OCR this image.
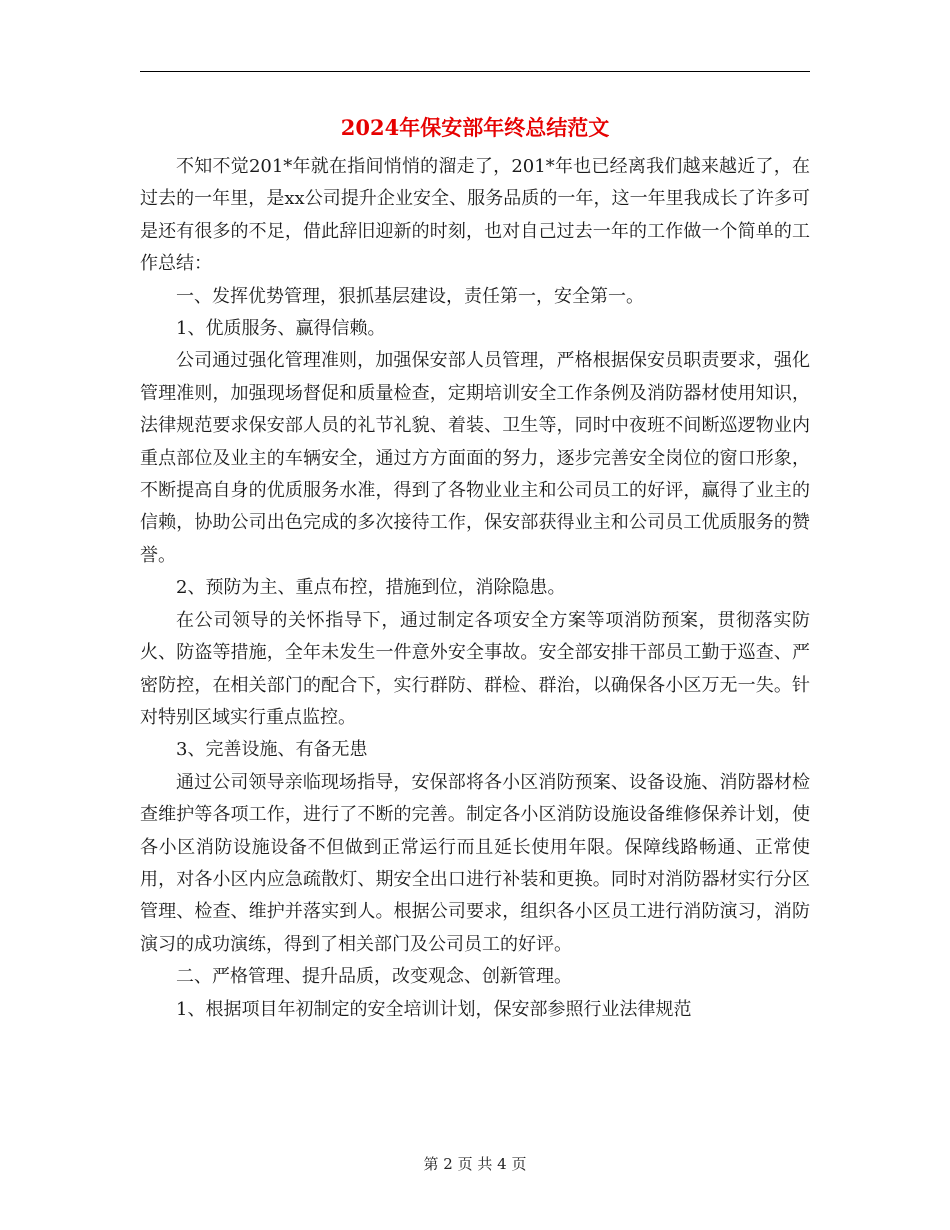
2024年保安部年终总结范文

不知不觉201*年就在指间悄悄的溜走了，201*年也已经离我们越来越近了，在过去的一年里，是xx公司提升企业安全、服务品质的一年，这一年里我成长了许多可是还有很多的不足，借此辞旧迎新的时刻，也对自己过去一年的工作做一个简单的工作总结：

一、发挥优势管理，狠抓基层建设，责任第一，安全第一。

1、优质服务、赢得信赖。

公司通过强化管理准则，加强保安部人员管理，严格根据保安员职责要求，强化管理准则，加强现场督促和质量检查，定期培训安全工作条例及消防器材使用知识，法律规范要求保安部人员的礼节礼貌、着装、卫生等，同时中夜班不间断巡逻物业内重点部位及业主的车辆安全，通过方方面面的努力，逐步完善安全岗位的窗口形象，不断提高自身的优质服务水准，得到了各物业业主和公司员工的好评，赢得了业主的信赖，协助公司出色完成的多次接待工作，保安部获得业主和公司员工优质服务的赞誉。

2、预防为主、重点布控，措施到位，消除隐患。

在公司领导的关怀指导下，通过制定各项安全方案等项消防预案，贯彻落实防火、防盗等措施，全年未发生一件意外安全事故。安全部安排干部员工勤于巡查、严密防控，在相关部门的配合下，实行群防、群检、群治，以确保各小区万无一失。针对特别区域实行重点监控。

3、完善设施、有备无患

通过公司领导亲临现场指导，安保部将各小区消防预案、设备设施、消防器材检查维护等各项工作，进行了不断的完善。制定各小区消防设施设备维修保养计划，使各小区消防设施设备不但做到正常运行而且延长使用年限。保障线路畅通、正常使用，对各小区内应急疏散灯、期安全出口进行补装和更换。同时对消防器材实行分区管理、检查、维护并落实到人。根据公司要求，组织各小区员工进行消防演习，消防演习的成功演练，得到了相关部门及公司员工的好评。

二、严格管理、提升品质，改变观念、创新管理。

1、根据项目年初制定的安全培训计划，保安部参照行业法律规范

第 2 页 共 4 页
